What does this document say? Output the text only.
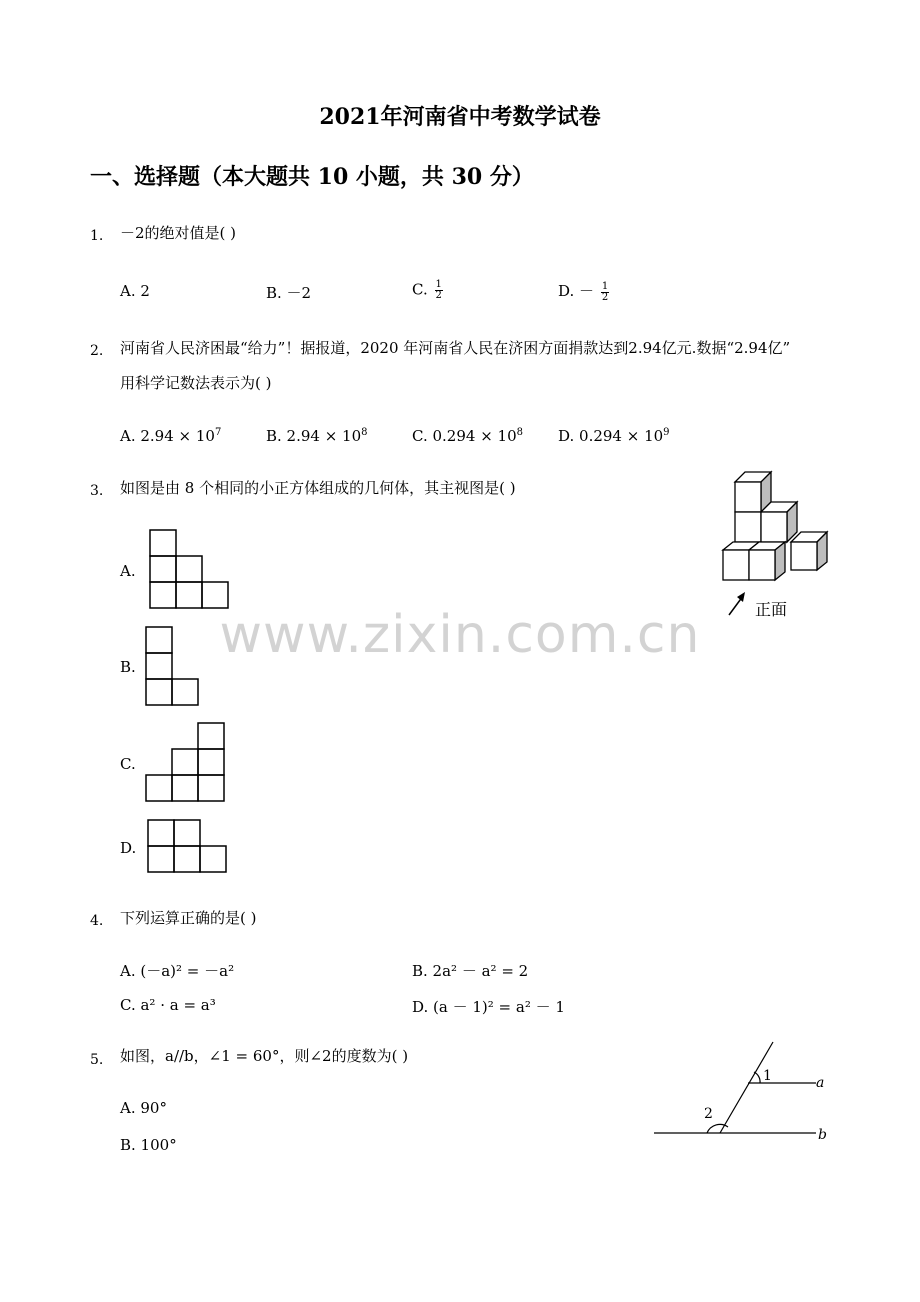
2021年河南省中考数学试卷
一、选择题（本大题共 10 小题，共 30 分）
www.zixin.com.cn
1. －2的绝对值是( )
A. 2	B. －2	C. $\frac{1}{2}$	D. － $\frac{1}{2}$
2. 河南省人民济困最“给力”！据报道，2020 年河南省人民在济困方面捐款达到2.94亿元.数据“2.94亿”
用科学记数法表示为( )
A. $2.94 \times 10^7$	B. $2.94 \times 10^8$	C. $0.294 \times 10^8$ D. $0.294 \times 10^9$
3. 如图是由 8 个相同的小正方体组成的几何体，其主视图是( )
正面
A.
B.
C.
D.
4. 下列运算正确的是( )
A. (－a)² = －a²	B. 2a² － a² = 2
C. a² · a = a³	D. (a － 1)² = a² － 1
5. 如图，a//b，∠1 = 60°，则∠2的度数为( )
A. 90°
B. 100°
1
2
a
b
